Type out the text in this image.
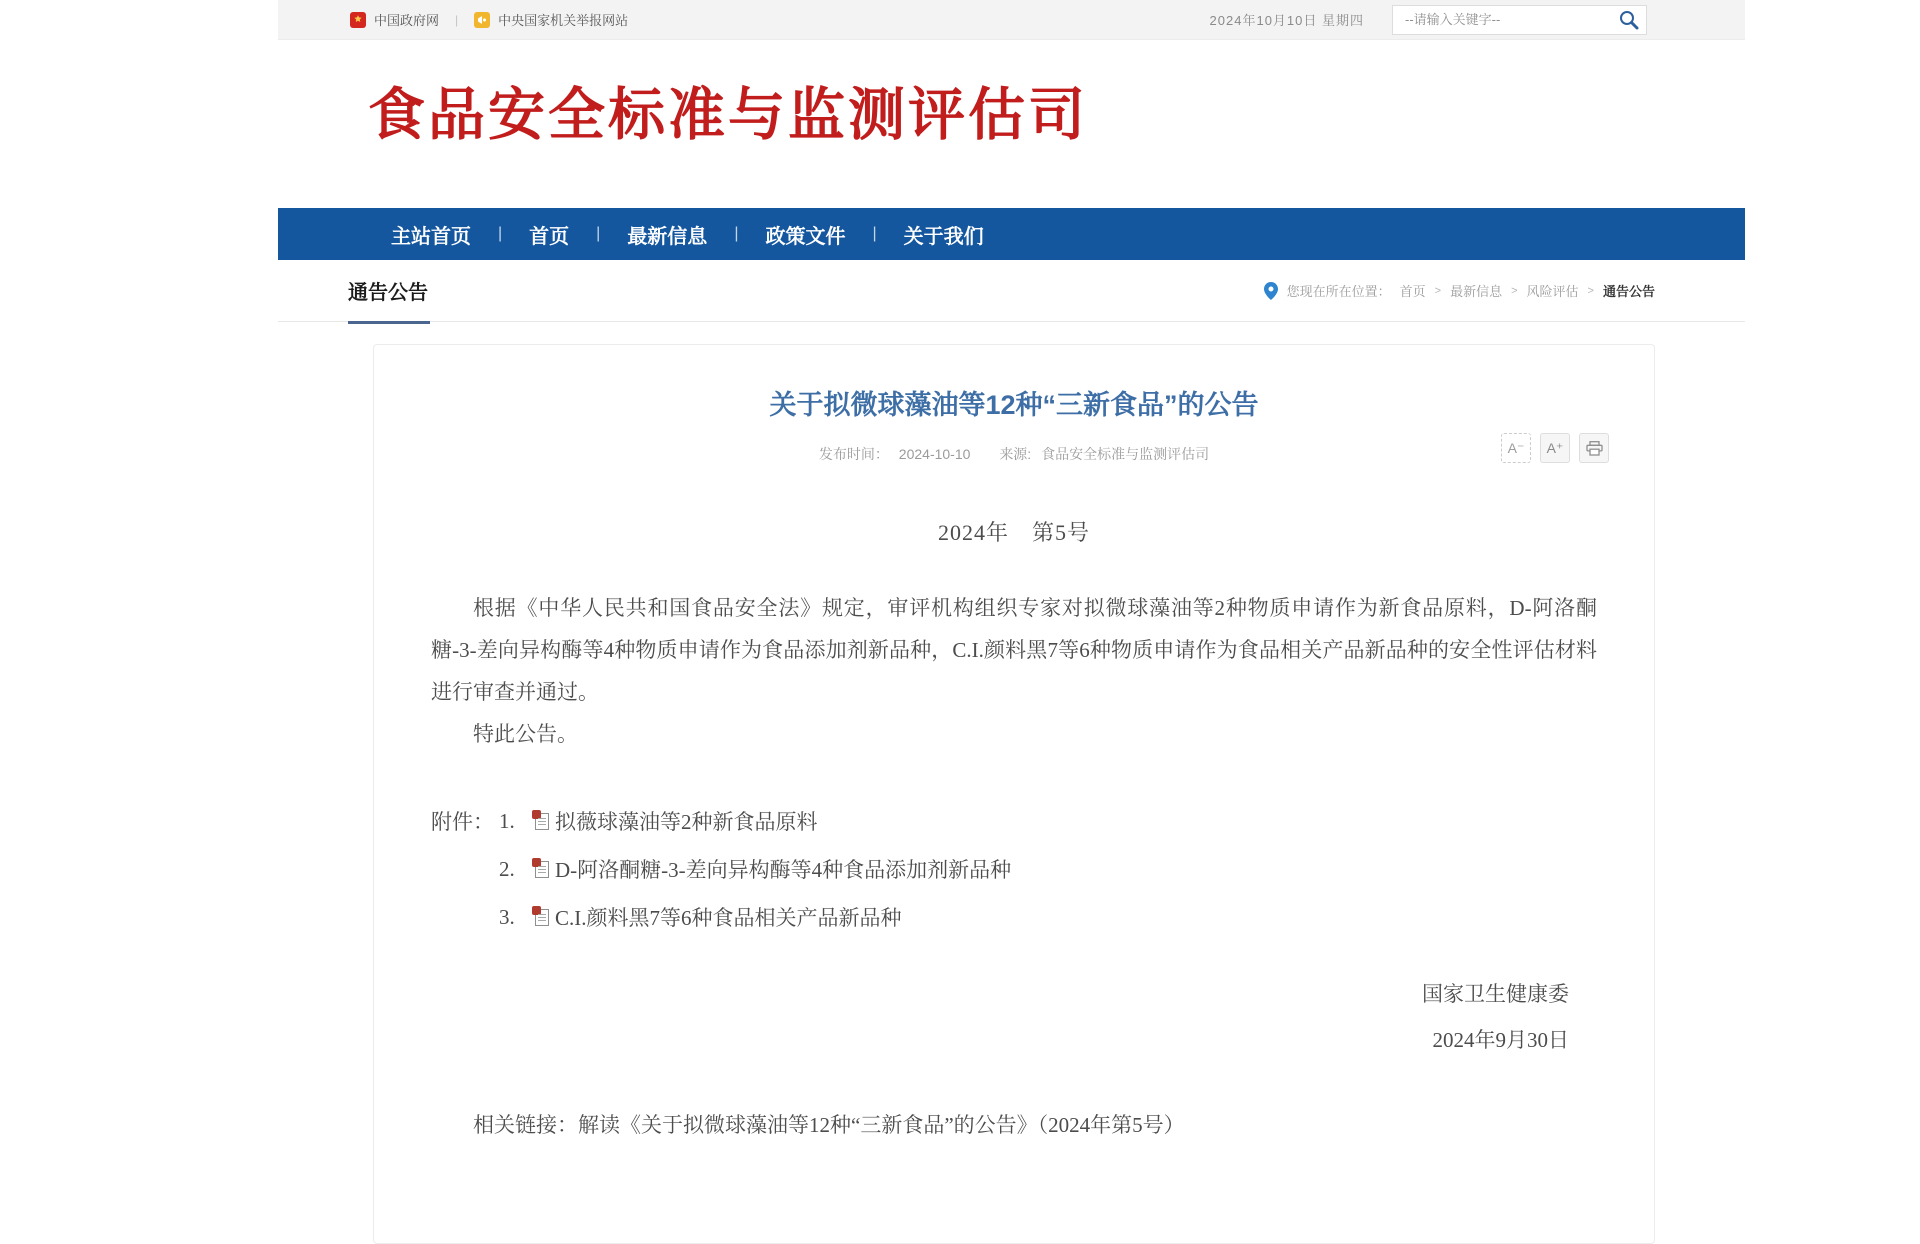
中国政府网 |	中央国家机关举报网站	2024年10月10日 星期四
--请输入关键字--
食品安全标准与监测评估司
主站首页 | 首页 | 最新信息 | 政策文件 | 关于我们
通告公告	您现在所在位置： 首页 > 最新信息 > 风险评估 > 通告公告
关于拟微球藻油等12种“三新食品”的公告
发布时间： 2024-10-10 来源: 食品安全标准与监测评估司	A⁻	A⁺
2024年　第5号

根据《中华人民共和国食品安全法》规定，审评机构组织专家对拟微球藻油等2种物质申请作为新食品原料，D-阿洛酮糖-3-差向异构酶等4种物质申请作为食品添加剂新品种，C.I.颜料黑7等6种物质申请作为食品相关产品新品种的安全性评估材料进行审查并通过。

特此公告。

附件： 1.	拟薇球藻油等2种新食品原料
2.	D-阿洛酮糖-3-差向异构酶等4种食品添加剂新品种
3.	C.I.颜料黑7等6种食品相关产品新品种
国家卫生健康委
2024年9月30日
相关链接：解读《关于拟微球藻油等12种“三新食品”的公告》（2024年第5号）
